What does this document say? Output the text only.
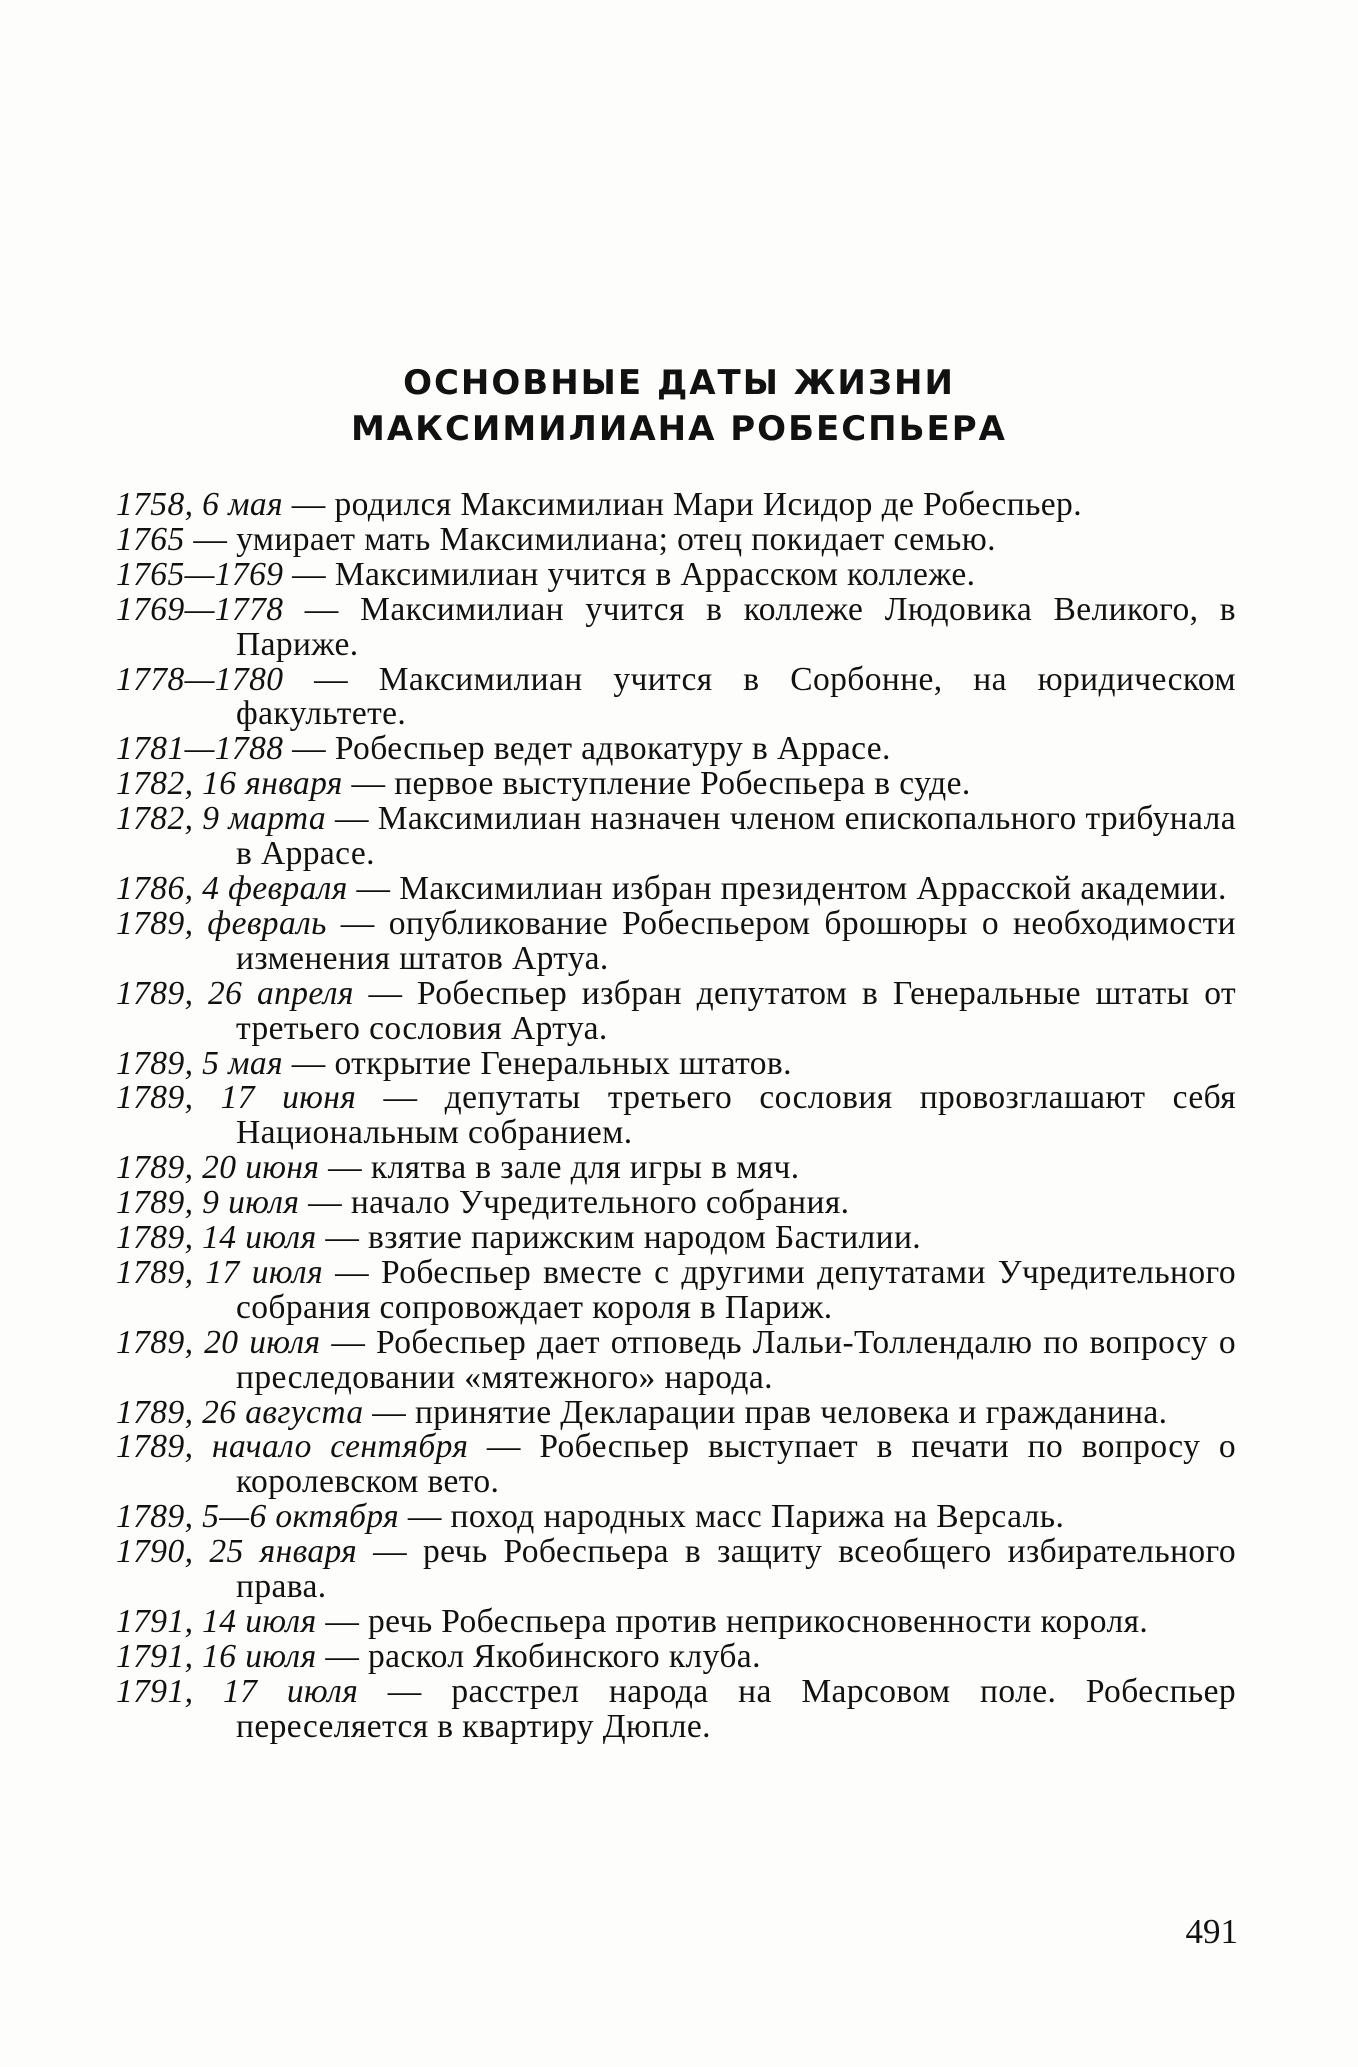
ОСНОВНЫЕ ДАТЫ ЖИЗНИ
МАКСИМИЛИАНА РОБЕСПЬЕРА
1758, 6 мая — родился Максимилиан Мари Исидор де Робеспьер.
1765 — умирает мать Максимилиана; отец покидает семью.
1765—1769 — Максимилиан учится в Аррасском коллеже.
1769—1778 — Максимилиан учится в коллеже Людовика Великого, в Париже.
1778—1780 — Максимилиан учится в Сорбонне, на юридическом факультете.
1781—1788 — Робеспьер ведет адвокатуру в Аррасе.
1782, 16 января — первое выступление Робеспьера в суде.
1782, 9 марта — Максимилиан назначен членом епископального трибунала в Аррасе.
1786, 4 февраля — Максимилиан избран президентом Аррасской академии.
1789, февраль — опубликование Робеспьером брошюры о необходимости изменения штатов Артуа.
1789, 26 апреля — Робеспьер избран депутатом в Генеральные штаты от третьего сословия Артуа.
1789, 5 мая — открытие Генеральных штатов.
1789, 17 июня — депутаты третьего сословия провозглашают себя Национальным собранием.
1789, 20 июня — клятва в зале для игры в мяч.
1789, 9 июля — начало Учредительного собрания.
1789, 14 июля — взятие парижским народом Бастилии.
1789, 17 июля — Робеспьер вместе с другими депутатами Учредительного собрания сопровождает короля в Париж.
1789, 20 июля — Робеспьер дает отповедь Лальи-Толлендалю по вопросу о преследовании «мятежного» народа.
1789, 26 августа — принятие Декларации прав человека и гражданина.
1789, начало сентября — Робеспьер выступает в печати по вопросу о королевском вето.
1789, 5—6 октября — поход народных масс Парижа на Версаль.
1790, 25 января — речь Робеспьера в защиту всеобщего избирательного права.
1791, 14 июля — речь Робеспьера против неприкосновенности короля.
1791, 16 июля — раскол Якобинского клуба.
1791, 17 июля — расстрел народа на Марсовом поле. Робеспьер переселяется в квартиру Дюпле.
491
